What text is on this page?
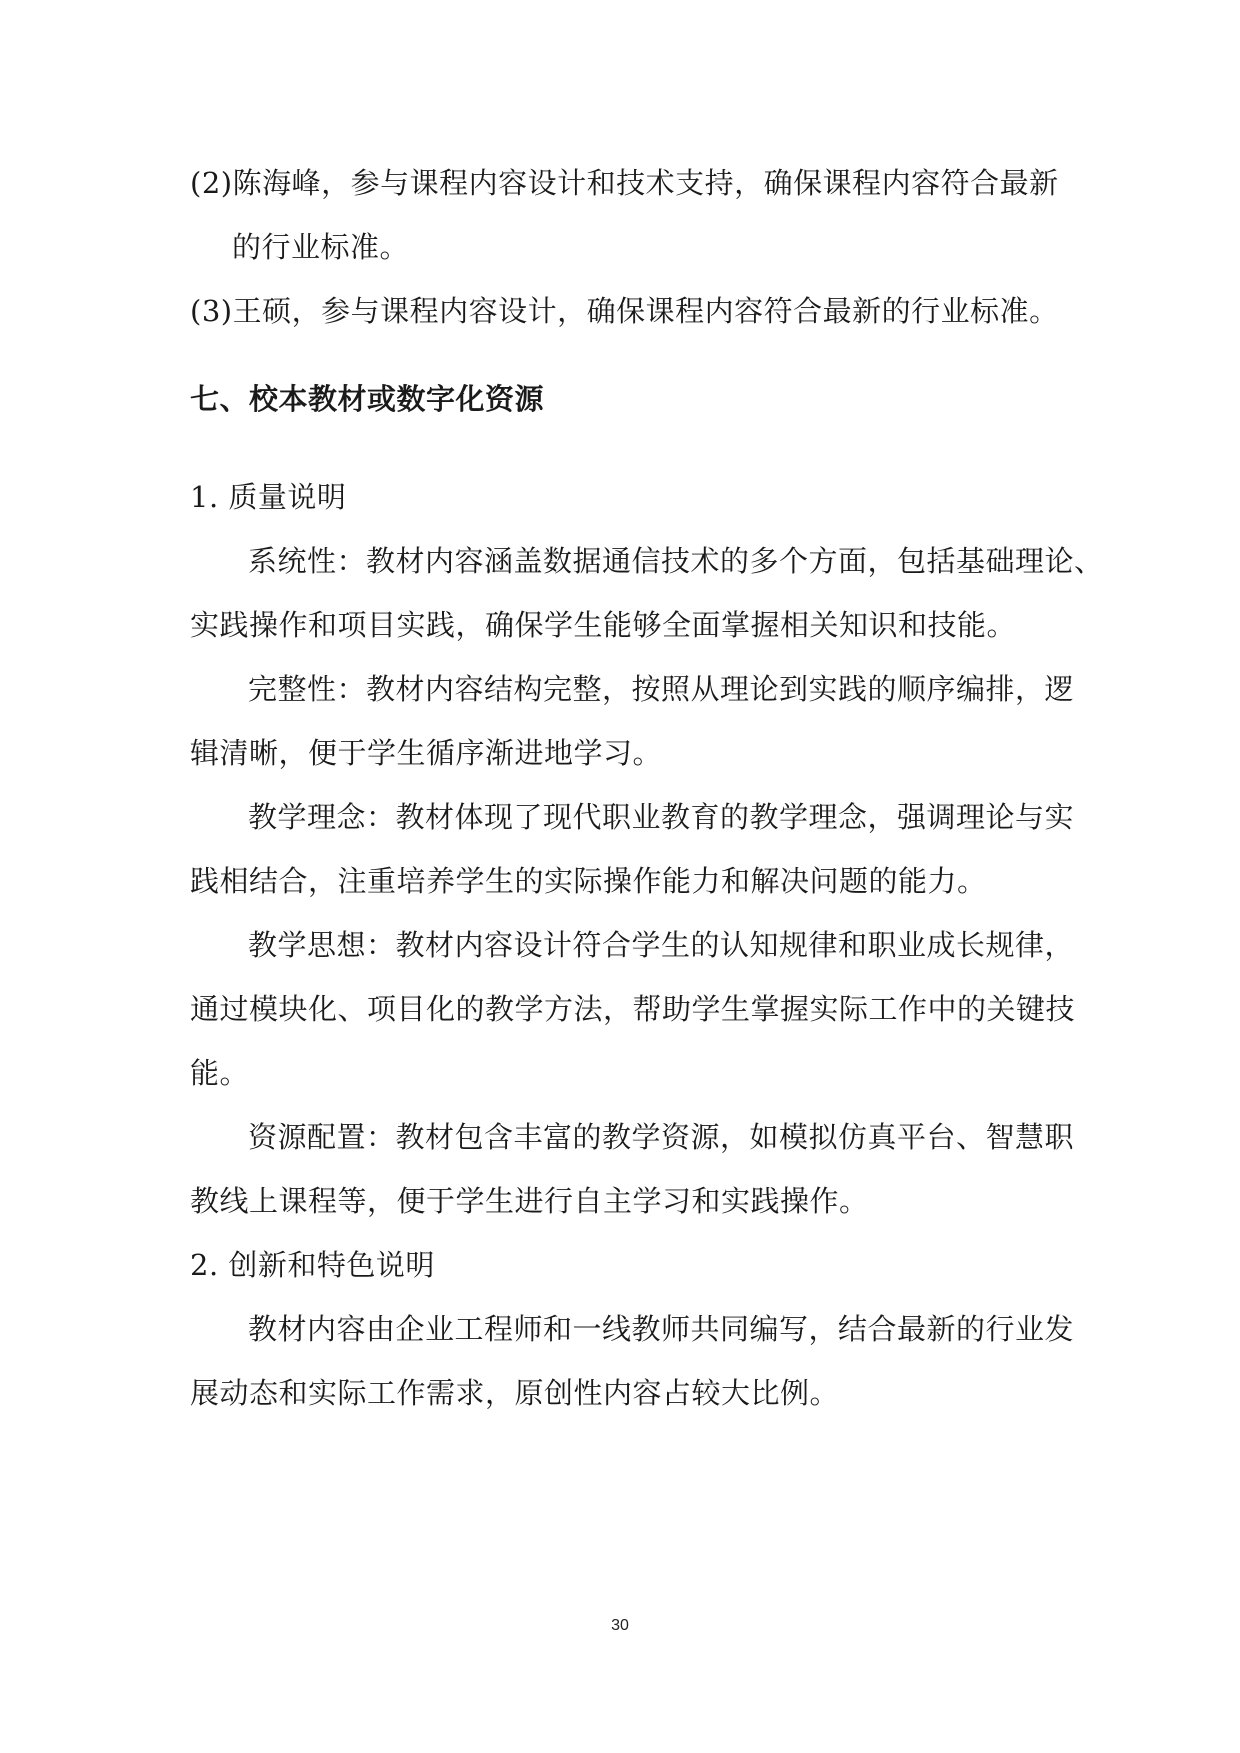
(2)陈海峰，参与课程内容设计和技术支持，确保课程内容符合最新
的行业标准。
(3)王硕，参与课程内容设计，确保课程内容符合最新的行业标准。
七、校本教材或数字化资源
1. 质量说明
系统性：教材内容涵盖数据通信技术的多个方面，包括基础理论、
实践操作和项目实践，确保学生能够全面掌握相关知识和技能。
完整性：教材内容结构完整，按照从理论到实践的顺序编排，逻
辑清晰，便于学生循序渐进地学习。
教学理念：教材体现了现代职业教育的教学理念，强调理论与实
践相结合，注重培养学生的实际操作能力和解决问题的能力。
教学思想：教材内容设计符合学生的认知规律和职业成长规律，
通过模块化、项目化的教学方法，帮助学生掌握实际工作中的关键技
能。
资源配置：教材包含丰富的教学资源，如模拟仿真平台、智慧职
教线上课程等，便于学生进行自主学习和实践操作。
2. 创新和特色说明
教材内容由企业工程师和一线教师共同编写，结合最新的行业发
展动态和实际工作需求，原创性内容占较大比例。
30
